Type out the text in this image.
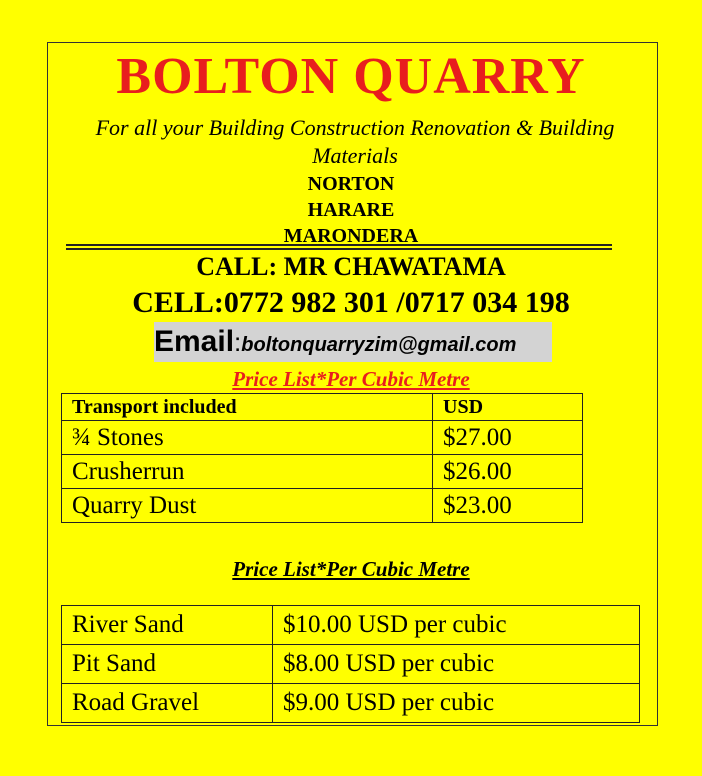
BOLTON QUARRY
For all your Building Construction Renovation & Building Materials
NORTON
HARARE
MARONDERA
CALL: MR CHAWATAMA
CELL:0772 982 301 /0717 034 198
Email:boltonquarryzim@gmail.com
Price List*Per Cubic Metre
Transport included	USD
¾ Stones	$27.00
Crusherrun	$26.00
Quarry Dust	$23.00
Price List*Per Cubic Metre
River Sand	$10.00 USD per cubic
Pit Sand	$8.00 USD per cubic
Road Gravel	$9.00 USD per cubic
